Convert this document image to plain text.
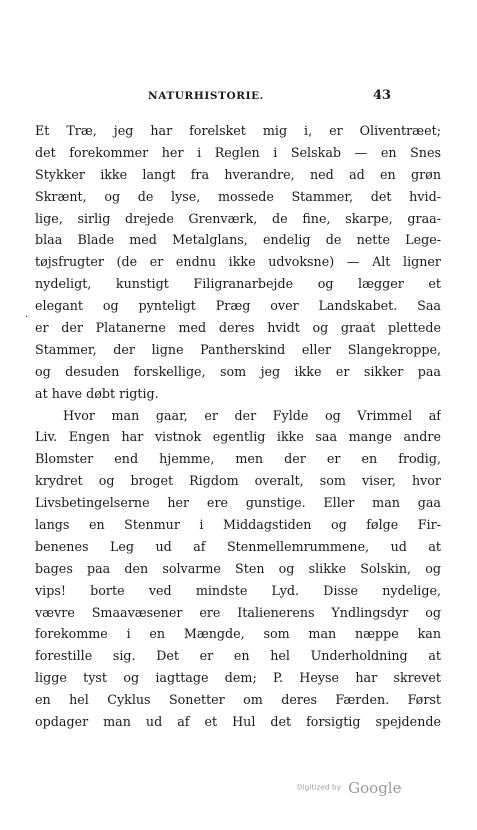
NATURHISTORIE.	43
·
Et Træ, jeg har forelsket mig i, er Oliventræet;
det forekommer her i Reglen i Selskab — en Snes
Stykker ikke langt fra hverandre, ned ad en grøn
Skrænt, og de lyse, mossede Stammer, det hvid-
lige, sirlig drejede Grenværk, de fine, skarpe, graa-
blaa Blade med Metalglans, endelig de nette Lege-
tøjsfrugter (de er endnu ikke udvoksne) — Alt ligner
nydeligt, kunstigt Filigranarbejde og lægger et
elegant og pynteligt Præg over Landskabet. Saa
er der Platanerne med deres hvidt og graat plettede
Stammer, der ligne Pantherskind eller Slangekroppe,
og desuden forskellige, som jeg ikke er sikker paa
at have døbt rigtig.
Hvor man gaar, er der Fylde og Vrimmel af
Liv. Engen har vistnok egentlig ikke saa mange andre
Blomster end hjemme, men der er en frodig,
krydret og broget Rigdom overalt, som viser, hvor
Livsbetingelserne her ere gunstige. Eller man gaa
langs en Stenmur i Middagstiden og følge Fir-
benenes Leg ud af Stenmellemrummene, ud at
bages paa den solvarme Sten og slikke Solskin, og
vips! borte ved mindste Lyd. Disse nydelige,
vævre Smaavæsener ere Italienerens Yndlingsdyr og
forekomme i en Mængde, som man næppe kan
forestille sig. Det er en hel Underholdning at
ligge tyst og iagttage dem; P. Heyse har skrevet
en hel Cyklus Sonetter om deres Færden. Først
opdager man ud af et Hul det forsigtig spejdende
Digitized by Google
